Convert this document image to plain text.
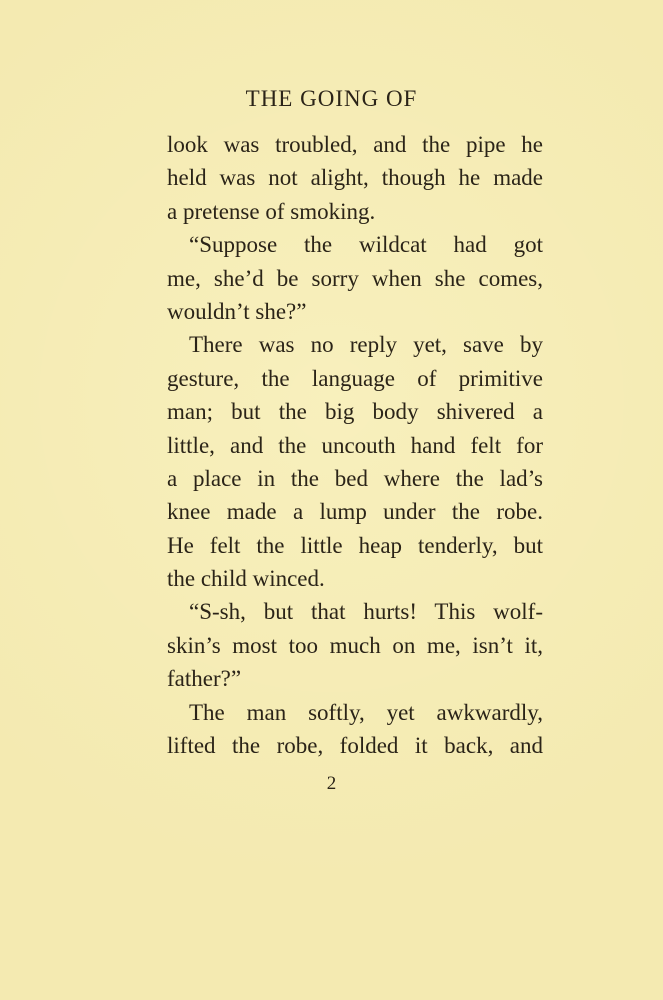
THE GOING OF
look was troubled, and the pipe he
held was not alight, though he made
a pretense of smoking.
“Suppose the wildcat had got
me, she’d be sorry when she comes,
wouldn’t she?”
There was no reply yet, save by
gesture, the language of primitive
man; but the big body shivered a
little, and the uncouth hand felt for
a place in the bed where the lad’s
knee made a lump under the robe.
He felt the little heap tenderly, but
the child winced.
“S-sh, but that hurts! This wolf-
skin’s most too much on me, isn’t it,
father?”
The man softly, yet awkwardly,
lifted the robe, folded it back, and
2
